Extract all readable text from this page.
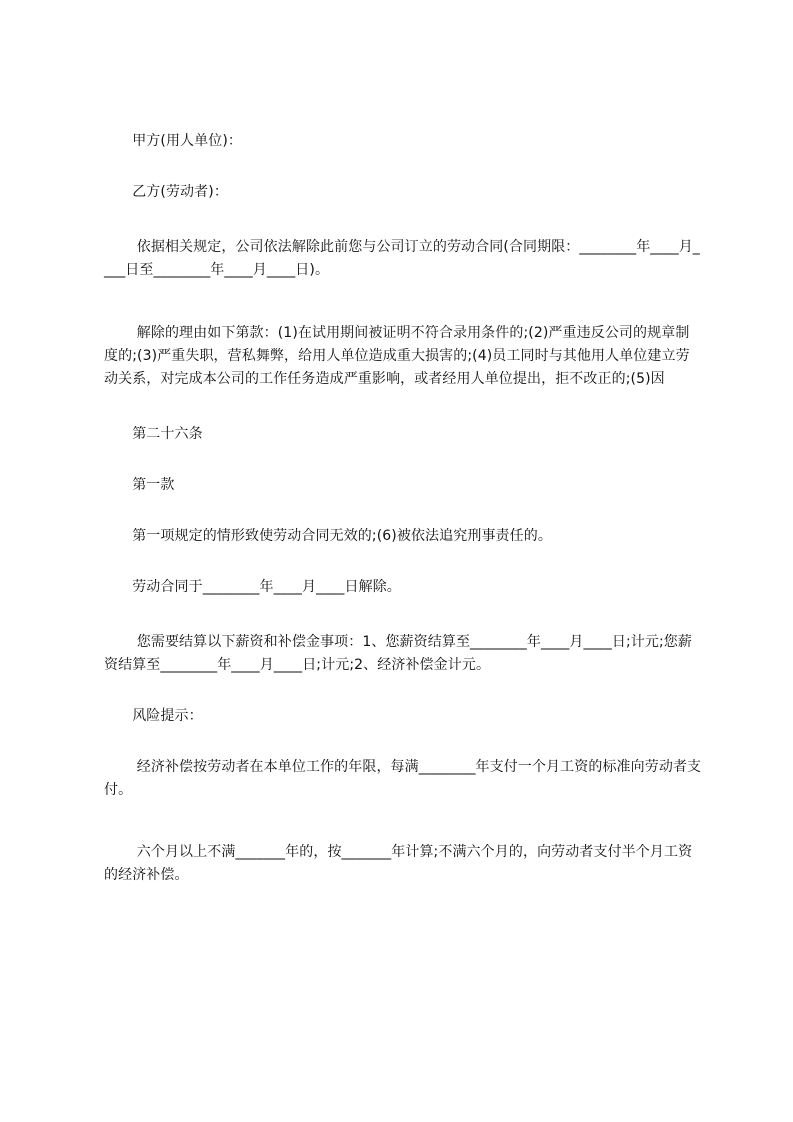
　　甲方(用人单位)：

　　乙方(劳动者)：

　　 依据相关规定，公司依法解除此前您与公司订立的劳动合同(合同期限：________年____月____日至________年____月____日)。

　　 解除的理由如下第款：(1)在试用期间被证明不符合录用条件的;(2)严重违反公司的规章制度的;(3)严重失职，营私舞弊，给用人单位造成重大损害的;(4)员工同时与其他用人单位建立劳动关系，对完成本公司的工作任务造成严重影响，或者经用人单位提出，拒不改正的;(5)因

　　第二十六条

　　第一款

　　第一项规定的情形致使劳动合同无效的;(6)被依法追究刑事责任的。

　　劳动合同于________年____月____日解除。

　　 您需要结算以下薪资和补偿金事项：1、您薪资结算至________年____月____日;计元;您薪资结算至________年____月____日;计元;2、经济补偿金计元。

　　风险提示：

　　 经济补偿按劳动者在本单位工作的年限，每满________年支付一个月工资的标准向劳动者支付。

　　 六个月以上不满_______年的，按_______年计算;不满六个月的，向劳动者支付半个月工资的经济补偿。
